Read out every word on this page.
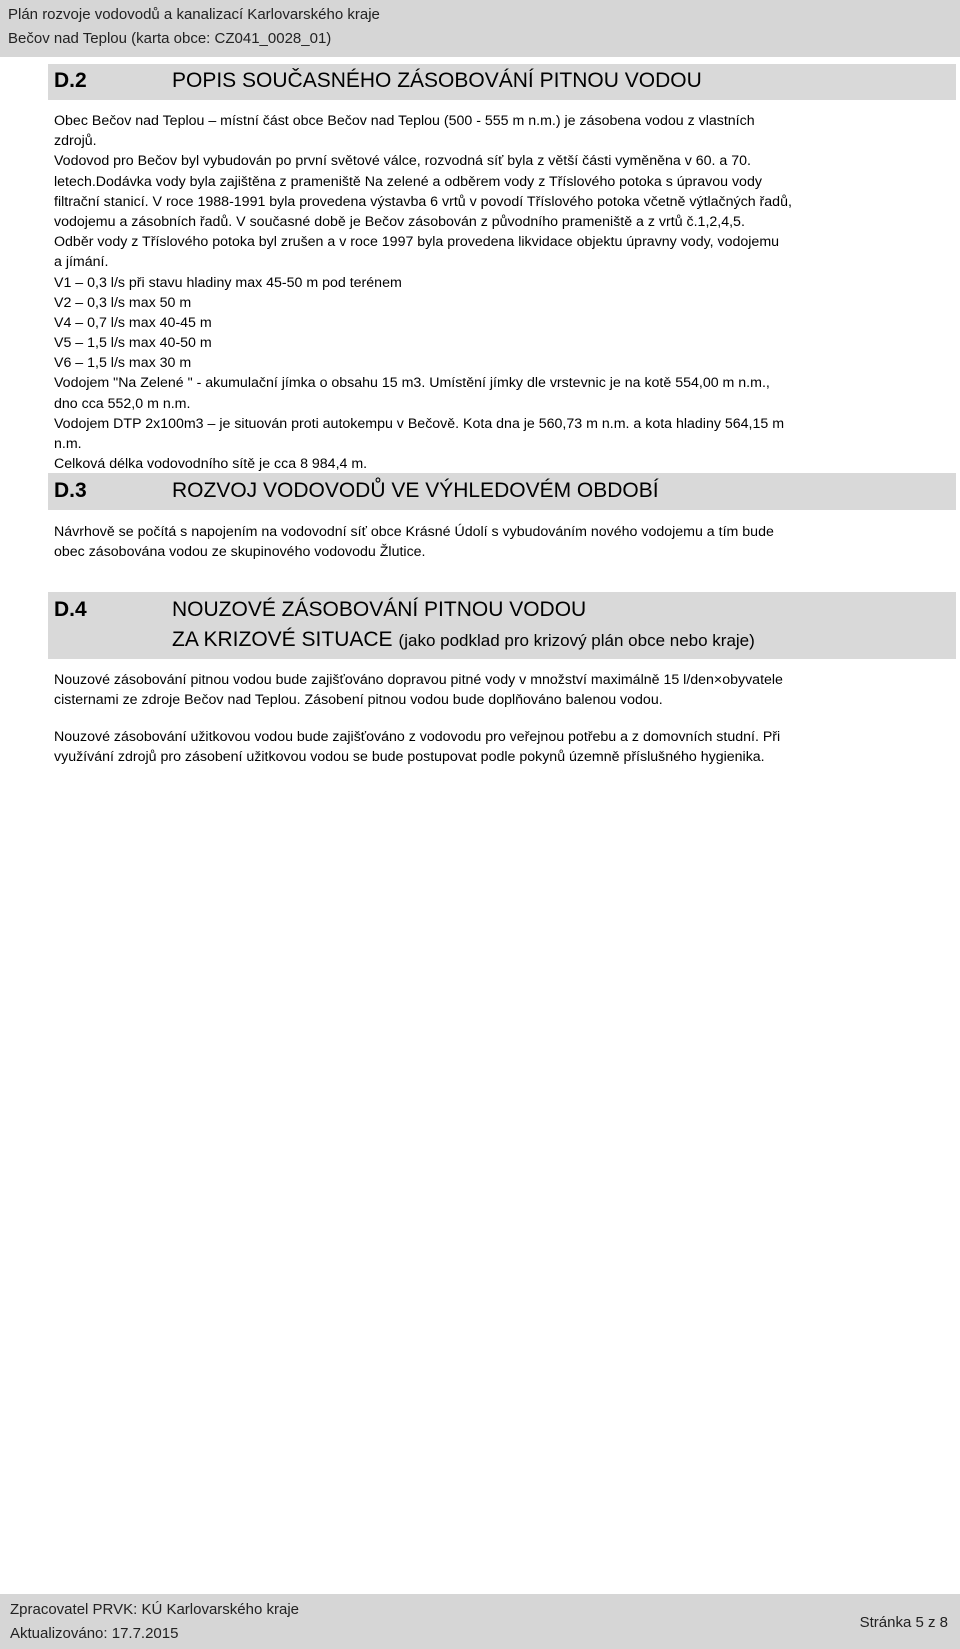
Plán rozvoje vodovodů a kanalizací Karlovarského kraje
Bečov nad Teplou (karta obce: CZ041_0028_01)
D.2	POPIS SOUČASNÉHO ZÁSOBOVÁNÍ PITNOU VODOU
Obec Bečov nad Teplou – místní část obce Bečov nad Teplou (500 - 555 m n.m.) je zásobena vodou z vlastních
zdrojů.
Vodovod pro Bečov byl vybudován po první světové válce, rozvodná síť byla z větší části vyměněna v 60. a 70.
letech.Dodávka vody byla zajištěna z prameniště Na zelené a odběrem vody z Tříslového potoka s úpravou vody
filtrační stanicí. V roce 1988-1991 byla provedena výstavba 6 vrtů v povodí Tříslového potoka včetně výtlačných řadů,
vodojemu a zásobních řadů. V současné době je Bečov zásobován z původního prameniště a z vrtů č.1,2,4,5.
Odběr vody z Tříslového potoka byl zrušen a v roce 1997 byla provedena likvidace objektu úpravny vody, vodojemu
a jímání.
V1 – 0,3 l/s při stavu hladiny max 45-50 m pod terénem
V2 – 0,3 l/s max 50 m
V4 – 0,7 l/s max 40-45 m
V5 – 1,5 l/s max 40-50 m
V6 – 1,5 l/s max 30 m
Vodojem "Na Zelené " - akumulační jímka o obsahu 15 m3. Umístění jímky dle vrstevnic je na kotě 554,00 m n.m.,
dno cca 552,0 m n.m.
Vodojem DTP 2x100m3 – je situován proti autokempu v Bečově. Kota dna je 560,73 m n.m. a kota hladiny 564,15 m
n.m.
Celková délka vodovodního sítě je cca 8 984,4 m.
D.3	ROZVOJ VODOVODŮ VE VÝHLEDOVÉM OBDOBÍ
Návrhově se počítá s napojením na vodovodní síť obce Krásné Údolí s vybudováním nového vodojemu a tím bude
obec zásobována vodou ze skupinového vodovodu Žlutice.
D.4	NOUZOVÉ ZÁSOBOVÁNÍ PITNOU VODOU
ZA KRIZOVÉ SITUACE (jako podklad pro krizový plán obce nebo kraje)
Nouzové zásobování pitnou vodou bude zajišťováno dopravou pitné vody v množství maximálně 15 l/den×obyvatele
cisternami ze zdroje Bečov nad Teplou. Zásobení pitnou vodou bude doplňováno balenou vodou.
Nouzové zásobování užitkovou vodou bude zajišťováno z vodovodu pro veřejnou potřebu a z domovních studní. Při
využívání zdrojů pro zásobení užitkovou vodou se bude postupovat podle pokynů územně příslušného hygienika.
Zpracovatel PRVK: KÚ Karlovarského kraje
Aktualizováno: 17.7.2015
Stránka 5 z 8
